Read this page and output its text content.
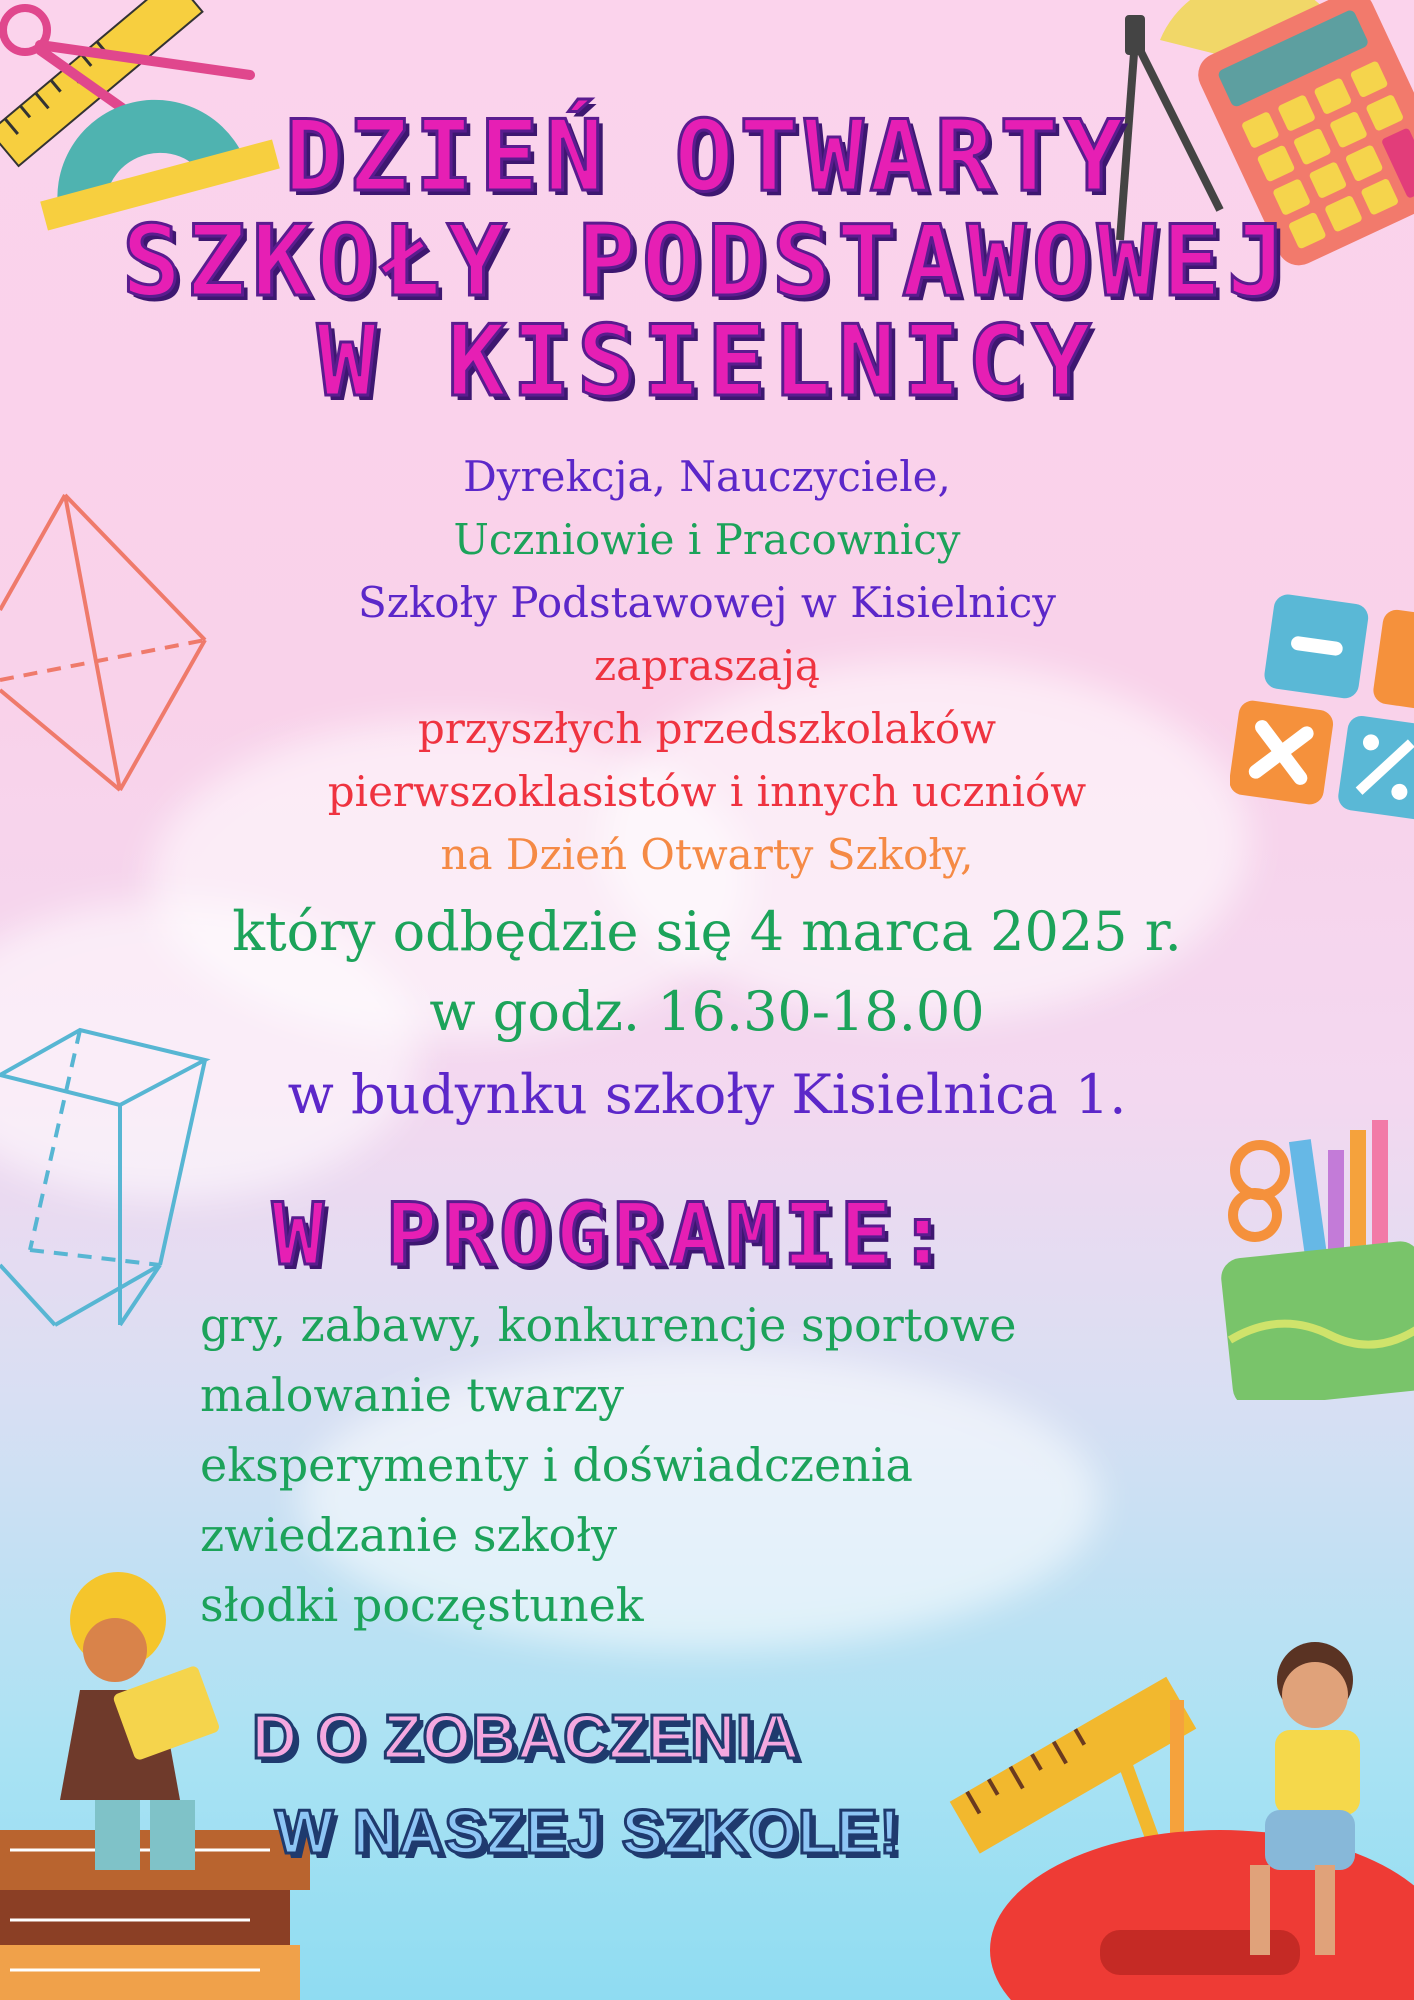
DZIEŃ OTWARTY
SZKOŁY PODSTAWOWEJ
W KISIELNICY
Dyrekcja, Nauczyciele,
Uczniowie i Pracownicy
Szkoły Podstawowej w Kisielnicy
zapraszają
przyszłych przedszkolaków
pierwszoklasistów i innych uczniów
na Dzień Otwarty Szkoły,
który odbędzie się 4 marca 2025 r.
w godz. 16.30-18.00
w budynku szkoły Kisielnica 1.
W PROGRAMIE:
gry, zabawy, konkurencje sportowe
malowanie twarzy
eksperymenty i doświadczenia
zwiedzanie szkoły
słodki poczęstunek
D O ZOBACZENIA
W NASZEJ SZKOLE!
